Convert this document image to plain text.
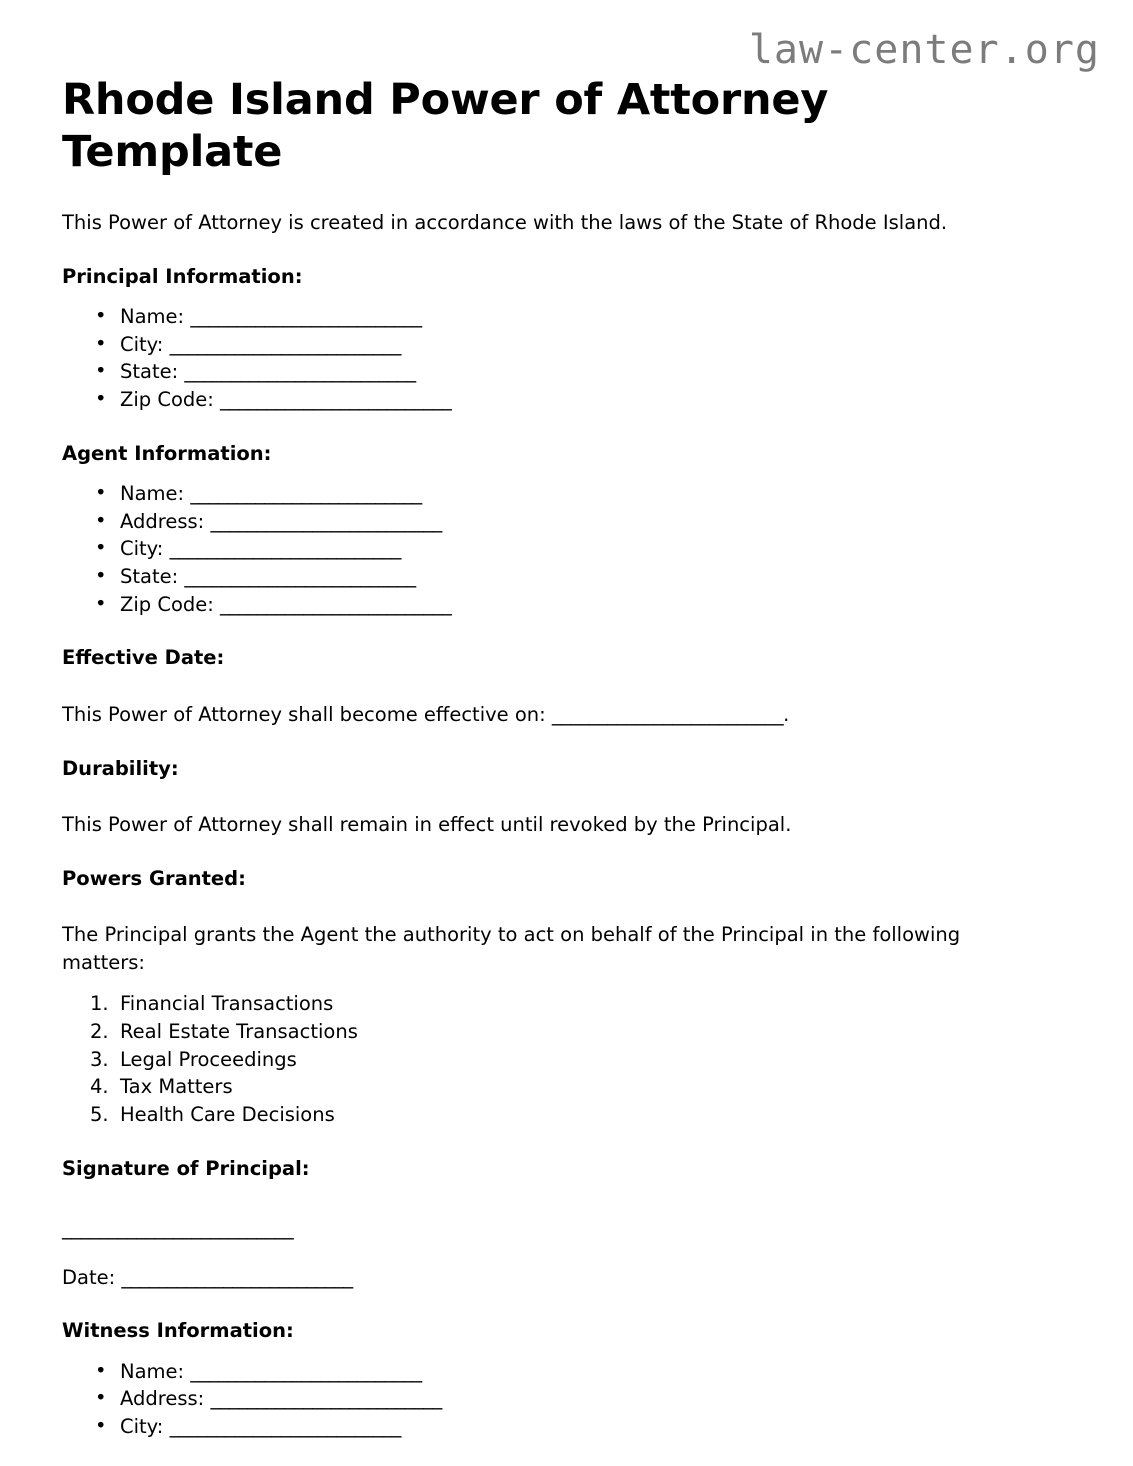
law-center.org
Rhode Island Power of Attorney Template

This Power of Attorney is created in accordance with the laws of the State of Rhode Island.

Principal Information:
• Name: _________________________
• City: _________________________
• State: _________________________
• Zip Code: _________________________
Agent Information:
• Name: _________________________
• Address: _________________________
• City: _________________________
• State: _________________________
• Zip Code: _________________________
Effective Date:

This Power of Attorney shall become effective on: _________________________.

Durability:

This Power of Attorney shall remain in effect until revoked by the Principal.

Powers Granted:

The Principal grants the Agent the authority to act on behalf of the Principal in the following matters:

Financial Transactions
Real Estate Transactions
Legal Proceedings
Tax Matters
Health Care Decisions
Signature of Principal:

_________________________

Date: _________________________

Witness Information:
• Name: _________________________
• Address: _________________________
• City: _________________________
